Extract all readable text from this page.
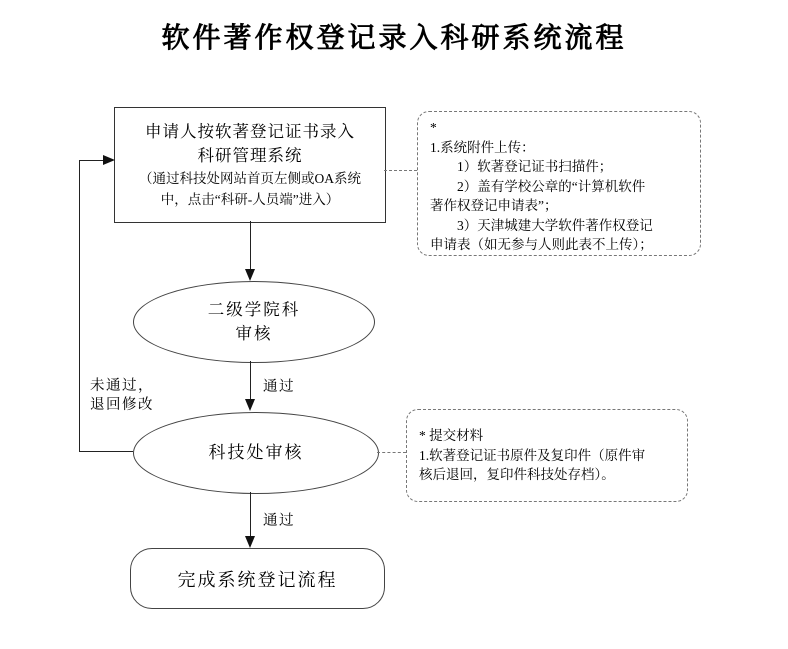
软件著作权登记录入科研系统流程
申请人按软著登记证书录入
科研管理系统
（通过科技处网站首页左侧或OA系统
中，点击“科研-人员端”进入）
*
1.系统附件上传：
　　1）软著登记证书扫描件；
　　2）盖有学校公章的“计算机软件
著作权登记申请表”；
　　3）天津城建大学软件著作权登记
申请表（如无参与人则此表不上传）；
二级学院科
审核
通过
未通过，
退回修改
科技处审核
* 提交材料
1.软著登记证书原件及复印件（原件审
核后退回，复印件科技处存档）。
通过
完成系统登记流程
